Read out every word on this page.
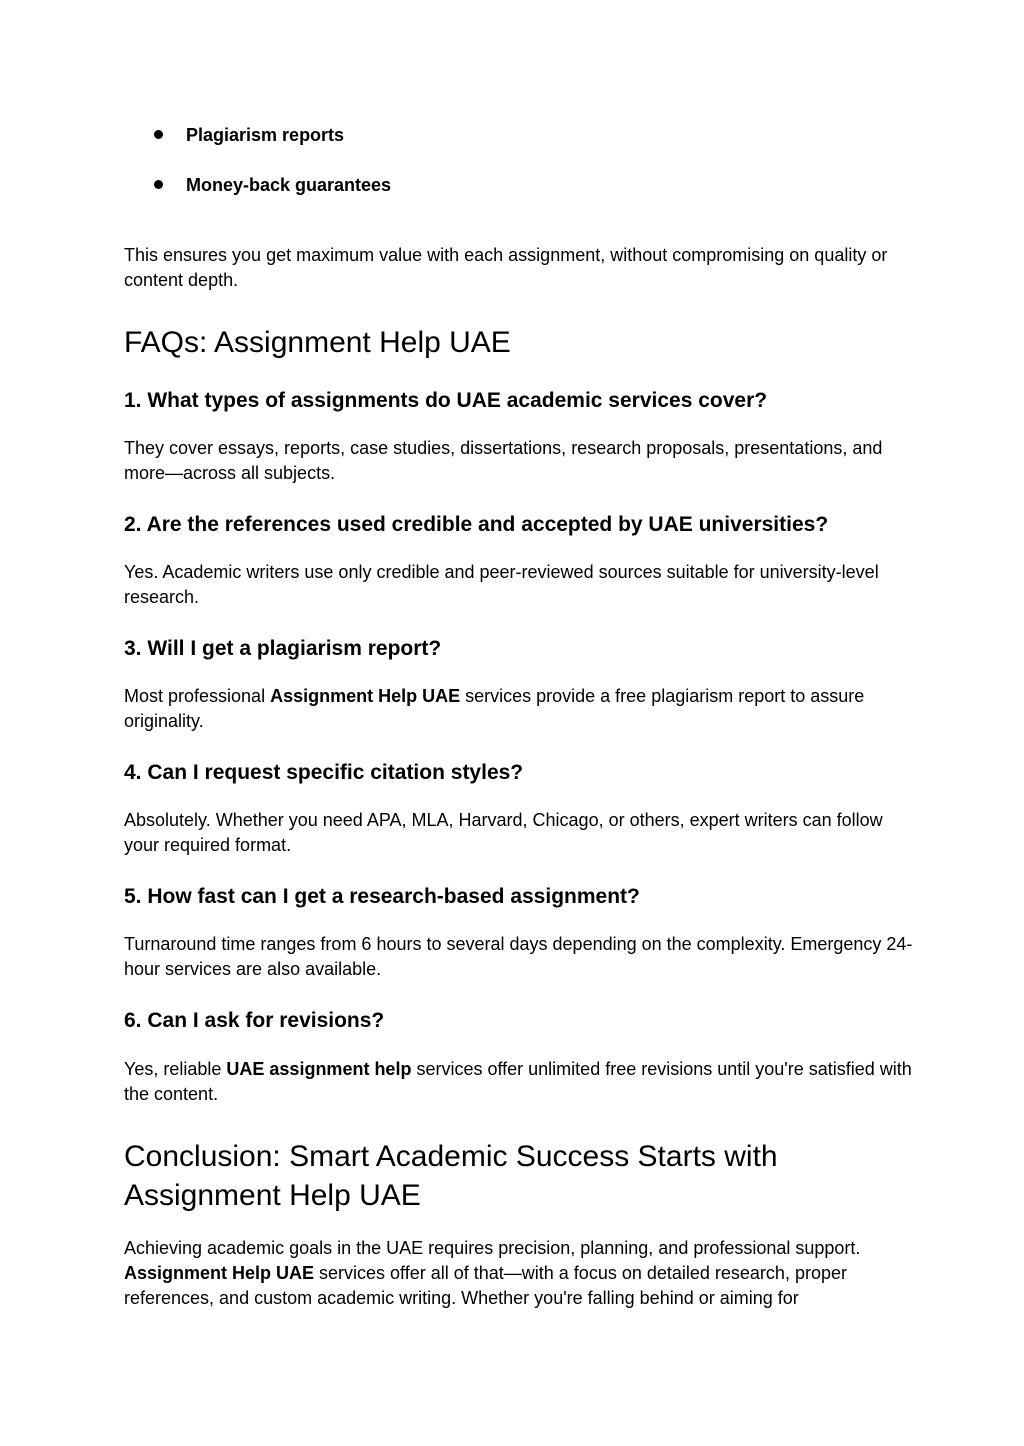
Plagiarism reports
Money-back guarantees

This ensures you get maximum value with each assignment, without compromising on quality or content depth.

FAQs: Assignment Help UAE
1. What types of assignments do UAE academic services cover?

They cover essays, reports, case studies, dissertations, research proposals, presentations, and more—across all subjects.

2. Are the references used credible and accepted by UAE universities?

Yes. Academic writers use only credible and peer-reviewed sources suitable for university-level research.

3. Will I get a plagiarism report?

Most professional Assignment Help UAE services provide a free plagiarism report to assure originality.

4. Can I request specific citation styles?

Absolutely. Whether you need APA, MLA, Harvard, Chicago, or others, expert writers can follow your required format.

5. How fast can I get a research-based assignment?

Turnaround time ranges from 6 hours to several days depending on the complexity. Emergency 24-hour services are also available.

6. Can I ask for revisions?

Yes, reliable UAE assignment help services offer unlimited free revisions until you're satisfied with the content.

Conclusion: Smart Academic Success Starts with Assignment Help UAE

Achieving academic goals in the UAE requires precision, planning, and professional support. Assignment Help UAE services offer all of that—with a focus on detailed research, proper references, and custom academic writing. Whether you're falling behind or aiming for
